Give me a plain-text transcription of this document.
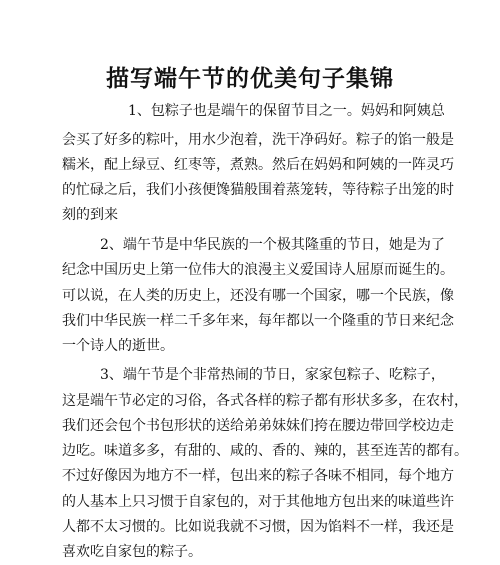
描写端午节的优美句子集锦

1、包粽子也是端午的保留节目之一。妈妈和阿姨总

会买了好多的粽叶，用水少泡着，洗干净码好。粽子的馅一般是

糯米，配上绿豆、红枣等，煮熟。然后在妈妈和阿姨的一阵灵巧

的忙碌之后，我们小孩便馋猫般围着蒸笼转，等待粽子出笼的时

刻的到来

2、端午节是中华民族的一个极其隆重的节日，她是为了

纪念中国历史上第一位伟大的浪漫主义爱国诗人屈原而诞生的。

可以说，在人类的历史上，还没有哪一个国家，哪一个民族，像

我们中华民族一样二千多年来，每年都以一个隆重的节日来纪念

一个诗人的逝世。

3、端午节是个非常热闹的节日，家家包粽子、吃粽子，

这是端午节必定的习俗，各式各样的粽子都有形状多多，在农村，

我们还会包个书包形状的送给弟弟妹妹们挎在腰边带回学校边走

边吃。味道多多，有甜的、咸的、香的、辣的，甚至连苦的都有。

不过好像因为地方不一样，包出来的粽子各味不相同，每个地方

的人基本上只习惯于自家包的，对于其他地方包出来的味道些许

人都不太习惯的。比如说我就不习惯，因为馅料不一样，我还是

喜欢吃自家包的粽子。
